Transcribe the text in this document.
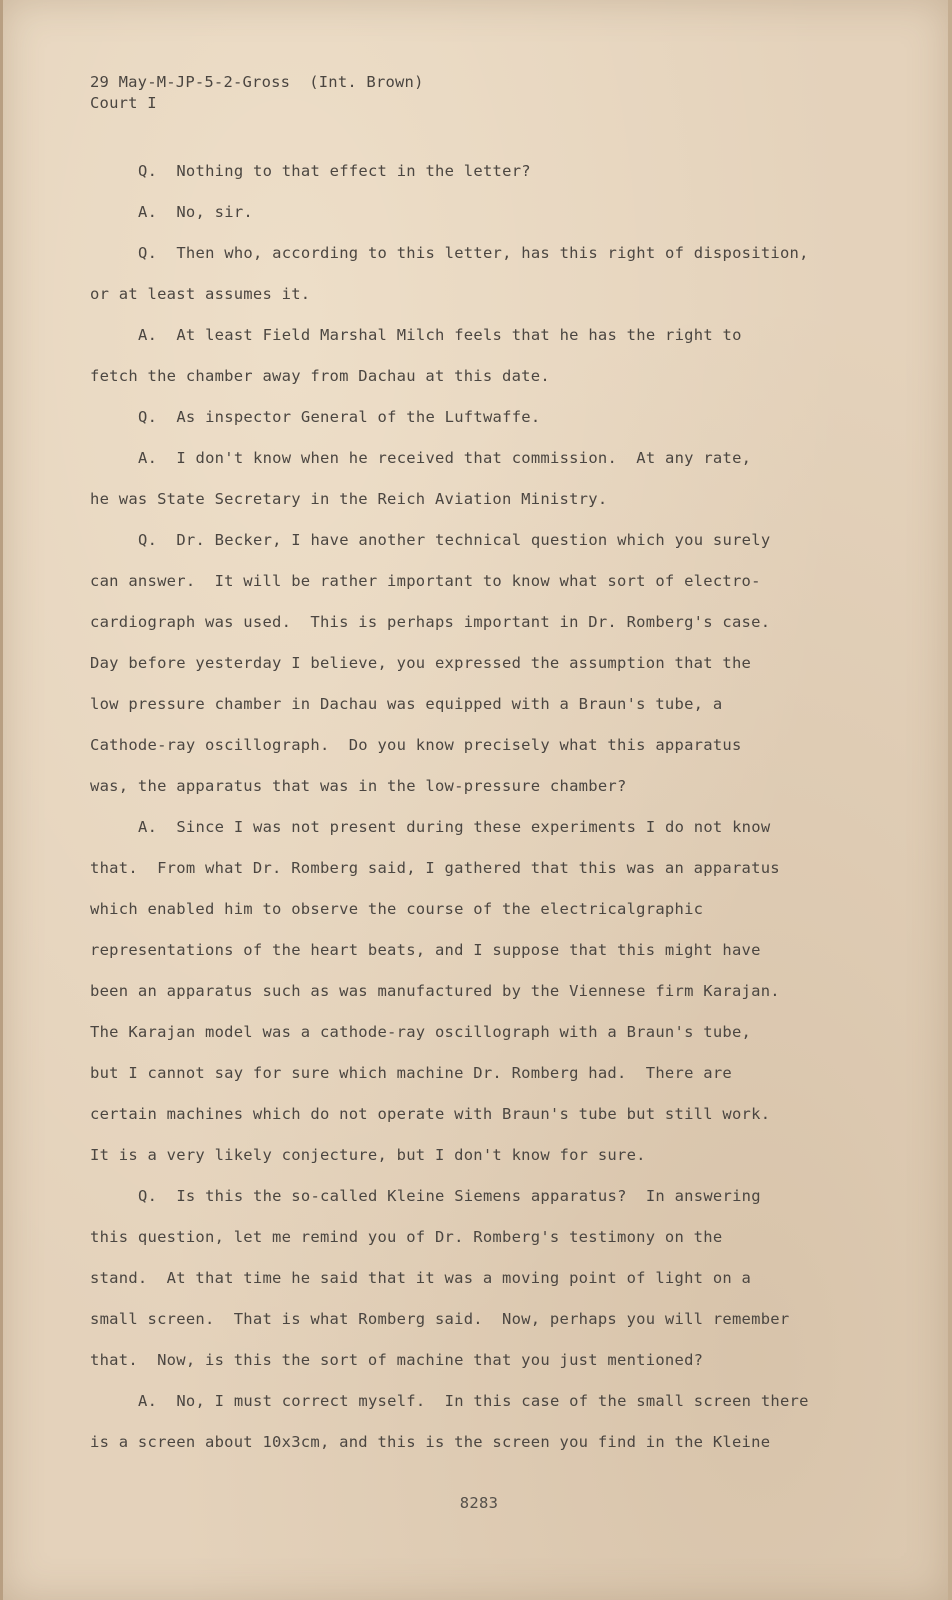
29 May-M-JP-5-2-Gross  (Int. Brown)
Court I
Q.  Nothing to that effect in the letter?
A.  No, sir.
Q.  Then who, according to this letter, has this right of disposition,
or at least assumes it.
A.  At least Field Marshal Milch feels that he has the right to
fetch the chamber away from Dachau at this date.
Q.  As inspector General of the Luftwaffe.
A.  I don't know when he received that commission.  At any rate,
he was State Secretary in the Reich Aviation Ministry.
Q.  Dr. Becker, I have another technical question which you surely
can answer.  It will be rather important to know what sort of electro-
cardiograph was used.  This is perhaps important in Dr. Romberg's case.
Day before yesterday I believe, you expressed the assumption that the
low pressure chamber in Dachau was equipped with a Braun's tube, a
Cathode-ray oscillograph.  Do you know precisely what this apparatus
was, the apparatus that was in the low-pressure chamber?
A.  Since I was not present during these experiments I do not know
that.  From what Dr. Romberg said, I gathered that this was an apparatus
which enabled him to observe the course of the electricalgraphic
representations of the heart beats, and I suppose that this might have
been an apparatus such as was manufactured by the Viennese firm Karajan.
The Karajan model was a cathode-ray oscillograph with a Braun's tube,
but I cannot say for sure which machine Dr. Romberg had.  There are
certain machines which do not operate with Braun's tube but still work.
It is a very likely conjecture, but I don't know for sure.
Q.  Is this the so-called Kleine Siemens apparatus?  In answering
this question, let me remind you of Dr. Romberg's testimony on the
stand.  At that time he said that it was a moving point of light on a
small screen.  That is what Romberg said.  Now, perhaps you will remember
that.  Now, is this the sort of machine that you just mentioned?
A.  No, I must correct myself.  In this case of the small screen there
is a screen about 10x3cm, and this is the screen you find in the Kleine
8283
